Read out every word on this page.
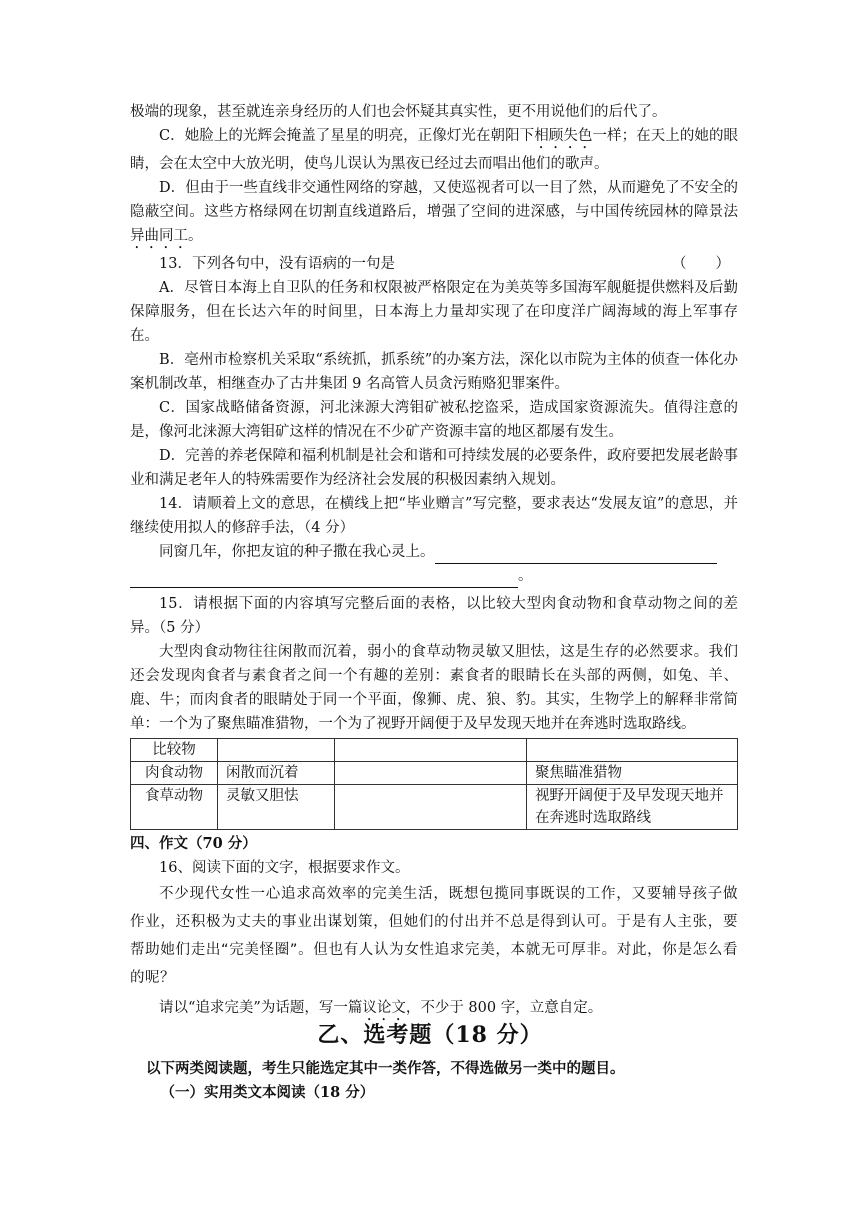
极端的现象，甚至就连亲身经历的人们也会怀疑其真实性，更不用说他们的后代了。

C．她脸上的光辉会掩盖了星星的明亮，正像灯光在朝阳下相顾失色一样；在天上的她的眼睛，会在太空中大放光明，使鸟儿误认为黑夜已经过去而唱出他们的歌声。

D．但由于一些直线非交通性网络的穿越，又使巡视者可以一目了然，从而避免了不安全的隐蔽空间。这些方格绿网在切割直线道路后，增强了空间的进深感，与中国传统园林的障景法异曲同工。

13．下列各句中，没有语病的一句是	（　　）

A．尽管日本海上自卫队的任务和权限被严格限定在为美英等多国海军舰艇提供燃料及后勤保障服务，但在长达六年的时间里，日本海上力量却实现了在印度洋广阔海域的海上军事存在。

B．亳州市检察机关采取“系统抓，抓系统”的办案方法，深化以市院为主体的侦查一体化办案机制改革，相继查办了古井集团 9 名高管人员贪污贿赂犯罪案件。

C．国家战略储备资源，河北涞源大湾钼矿被私挖盗采，造成国家资源流失。值得注意的是，像河北涞源大湾钼矿这样的情况在不少矿产资源丰富的地区都屡有发生。

D．完善的养老保障和福利机制是社会和谐和可持续发展的必要条件，政府要把发展老龄事业和满足老年人的特殊需要作为经济社会发展的积极因素纳入规划。

14．请顺着上文的意思，在横线上把“毕业赠言”写完整，要求表达“发展友谊”的意思，并继续使用拟人的修辞手法，（4 分）

同窗几年，你把友谊的种子撒在我心灵上。

。

15．请根据下面的内容填写完整后面的表格，以比较大型肉食动物和食草动物之间的差异。（5 分）

大型肉食动物往往闲散而沉着，弱小的食草动物灵敏又胆怯，这是生存的必然要求。我们还会发现肉食者与素食者之间一个有趣的差别：素食者的眼睛长在头部的两侧，如兔、羊、鹿、牛；而肉食者的眼睛处于同一个平面，像狮、虎、狼、豹。其实，生物学上的解释非常简单：一个为了聚焦瞄准猎物，一个为了视野开阔便于及早发现天地并在奔逃时选取路线。

比较物			
肉食动物	闲散而沉着		聚焦瞄准猎物
食草动物	灵敏又胆怯		视野开阔便于及早发现天地并在奔逃时选取路线

四、作文（70 分）

16、阅读下面的文字，根据要求作文。

不少现代女性一心追求高效率的完美生活，既想包揽同事既误的工作，又要辅导孩子做作业，还积极为丈夫的事业出谋划策，但她们的付出并不总是得到认可。于是有人主张，要帮助她们走出“完美怪圈”。但也有人认为女性追求完美，本就无可厚非。对此，你是怎么看的呢？

请以“追求完美”为话题，写一篇议论文，不少于 800 字，立意自定。

乙、选考题（18 分）

以下两类阅读题，考生只能选定其中一类作答，不得选做另一类中的题目。

（一）实用类文本阅读（18 分）
